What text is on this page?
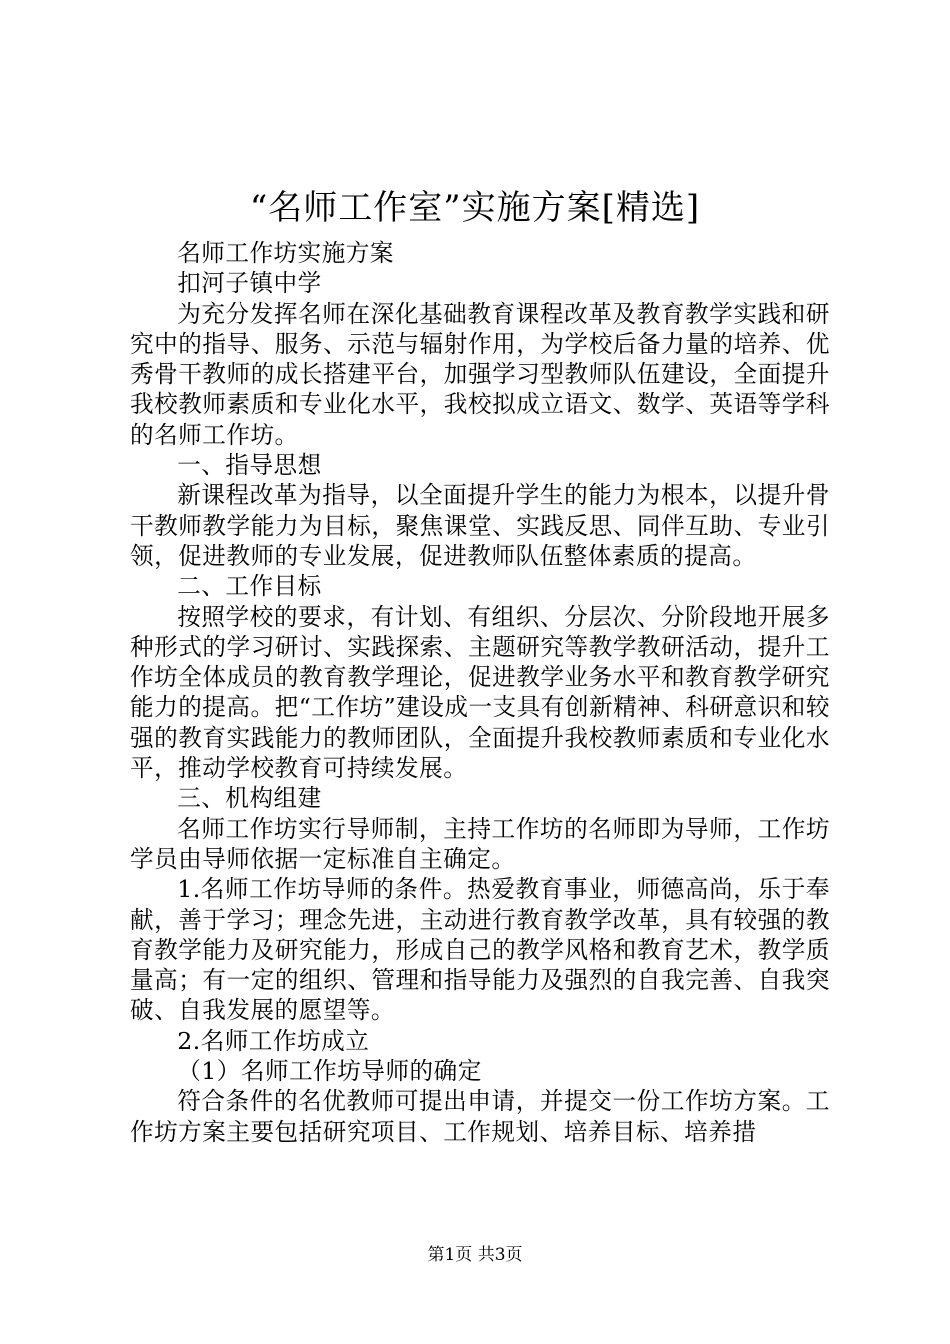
“名师工作室”实施方案[精选]

名师工作坊实施方案

扣河子镇中学

为充分发挥名师在深化基础教育课程改革及教育教学实践和研究中的指导、服务、示范与辐射作用，为学校后备力量的培养、优秀骨干教师的成长搭建平台，加强学习型教师队伍建设，全面提升我校教师素质和专业化水平，我校拟成立语文、数学、英语等学科的名师工作坊。

一、指导思想

新课程改革为指导，以全面提升学生的能力为根本，以提升骨干教师教学能力为目标，聚焦课堂、实践反思、同伴互助、专业引领，促进教师的专业发展，促进教师队伍整体素质的提高。

二、工作目标

按照学校的要求，有计划、有组织、分层次、分阶段地开展多种形式的学习研讨、实践探索、主题研究等教学教研活动，提升工作坊全体成员的教育教学理论，促进教学业务水平和教育教学研究能力的提高。把“工作坊”建设成一支具有创新精神、科研意识和较强的教育实践能力的教师团队，全面提升我校教师素质和专业化水平，推动学校教育可持续发展。

三、机构组建

名师工作坊实行导师制，主持工作坊的名师即为导师，工作坊学员由导师依据一定标准自主确定。

1.名师工作坊导师的条件。热爱教育事业，师德高尚，乐于奉献，善于学习；理念先进，主动进行教育教学改革，具有较强的教育教学能力及研究能力，形成自己的教学风格和教育艺术，教学质量高；有一定的组织、管理和指导能力及强烈的自我完善、自我突破、自我发展的愿望等。

2.名师工作坊成立

（1）名师工作坊导师的确定

符合条件的名优教师可提出申请，并提交一份工作坊方案。工作坊方案主要包括研究项目、工作规划、培养目标、培养措

第1页 共3页
